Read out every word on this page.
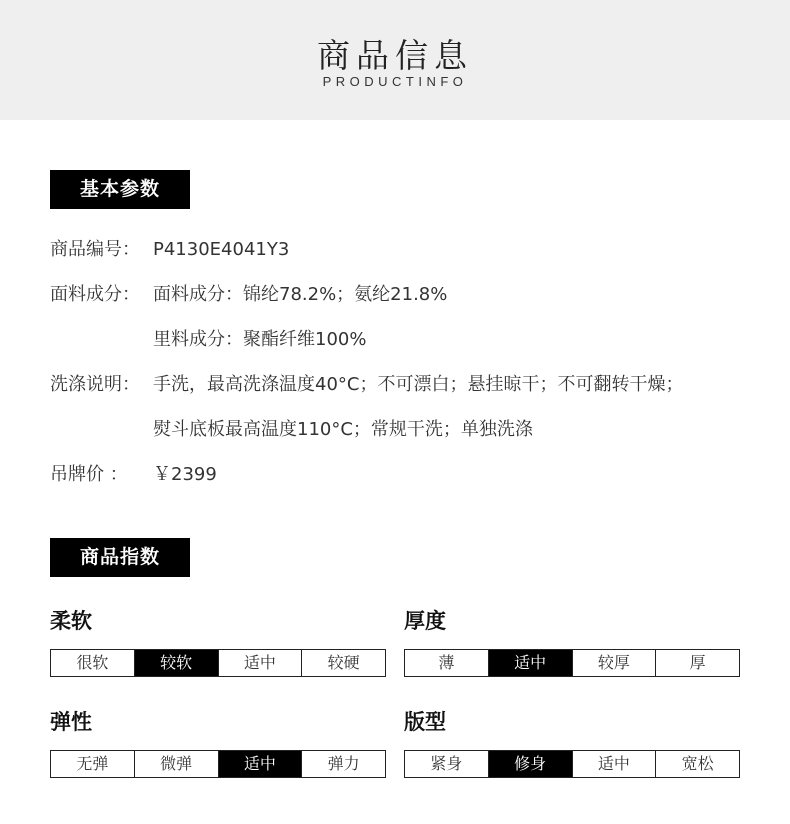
商品信息
PRODUCTINFO
基本参数
商品编号： P4130E4041Y3
面料成分： 面料成分：锦纶78.2%；氨纶21.8%
里料成分：聚酯纤维100%
洗涤说明： 手洗，最高洗涤温度40°C；不可漂白；悬挂晾干；不可翻转干燥；
熨斗底板最高温度110°C；常规干洗；单独洗涤
吊牌价 ： ￥2399
商品指数
柔软
很软	较软	适中	较硬
厚度
薄	适中	较厚	厚
弹性
无弹	微弹	适中	弹力
版型
紧身	修身	适中	宽松
